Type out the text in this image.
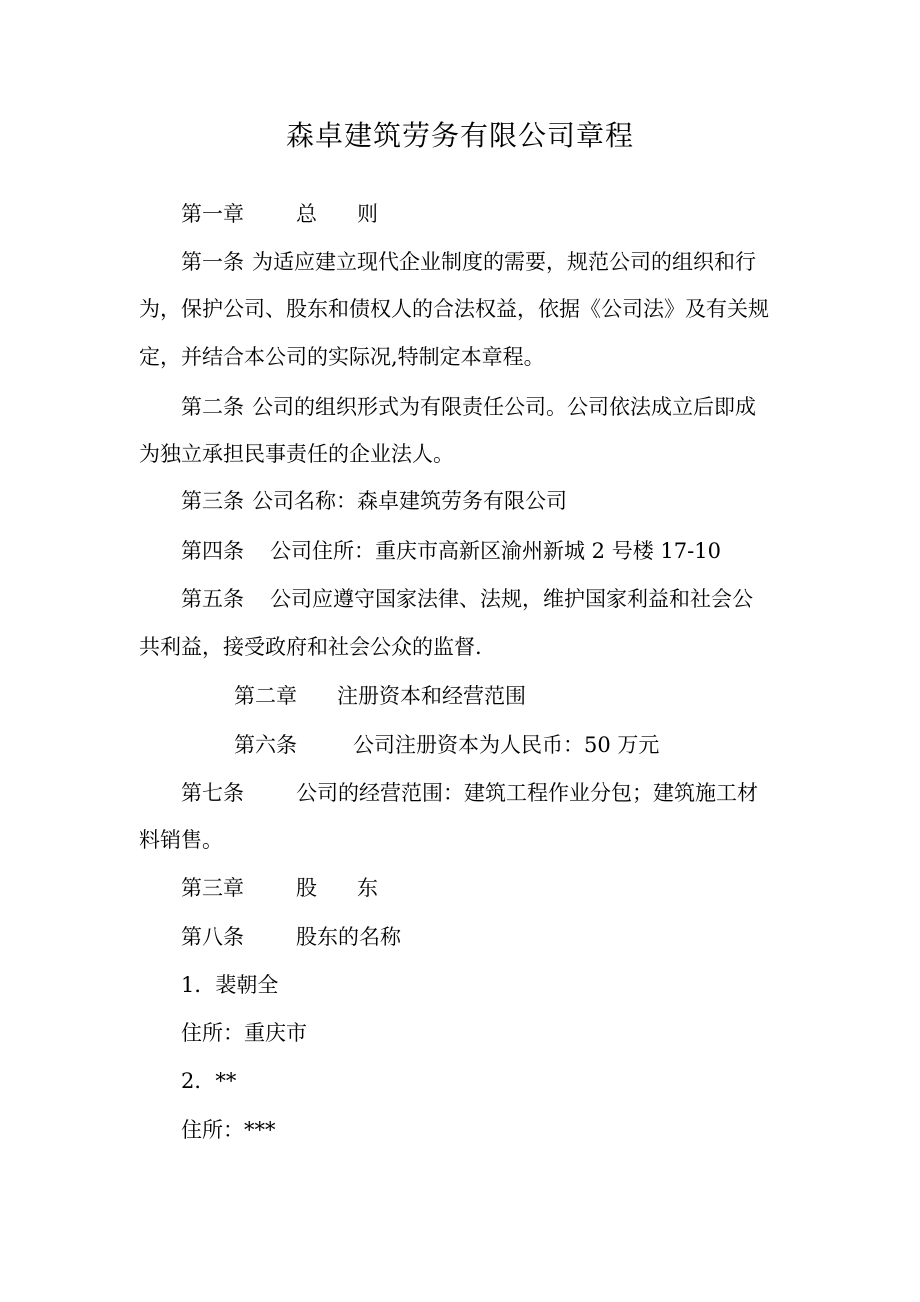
森卓建筑劳务有限公司章程
第一章 总 则
第一条 为适应建立现代企业制度的需要，规范公司的组织和行
为，保护公司、股东和债权人的合法权益，依据《公司法》及有关规
定，并结合本公司的实际况,特制定本章程。
第二条 公司的组织形式为有限责任公司。公司依法成立后即成
为独立承担民事责任的企业法人。
第三条 公司名称：森卓建筑劳务有限公司
第四条 公司住所：重庆市高新区渝州新城 2 号楼 17-10
第五条 公司应遵守国家法律、法规，维护国家利益和社会公
共利益，接受政府和社会公众的监督.
第二章 注册资本和经营范围
第六条	公司注册资本为人民币：50 万元
第七条 公司的经营范围：建筑工程作业分包；建筑施工材
料销售。
第三章 股 东
第八条 股东的名称
1．裴朝全
住所：重庆市
2．**
住所：***
